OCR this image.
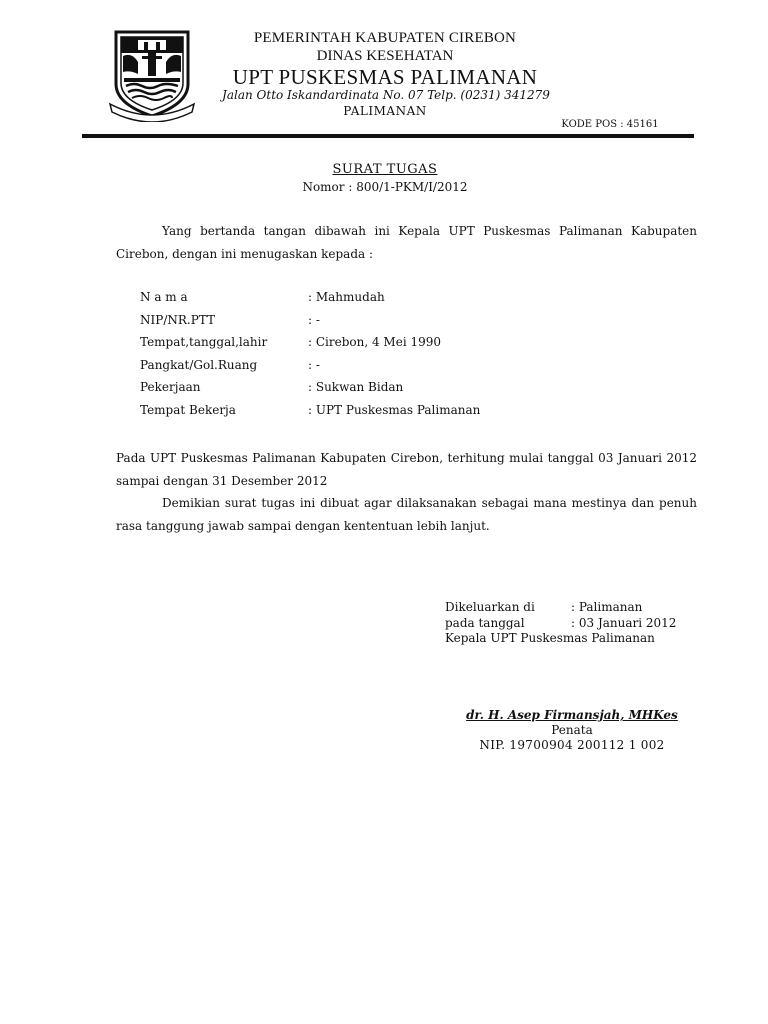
PEMERINTAH KABUPATEN CIREBON
DINAS KESEHATAN
UPT PUSKESMAS PALIMANAN
Jalan Otto Iskandardinata No. 07 Telp. (0231) 341279
PALIMANAN
KODE POS : 45161
SURAT TUGAS
Nomor : 800/1-PKM/I/2012
Yang bertanda tangan dibawah ini Kepala UPT Puskesmas Palimanan Kabupaten Cirebon, dengan ini menugaskan kepada :
N a m a	: Mahmudah
NIP/NR.PTT	: -
Tempat,tanggal,lahir	: Cirebon, 4 Mei 1990
Pangkat/Gol.Ruang	: -
Pekerjaan	: Sukwan Bidan
Tempat Bekerja	: UPT Puskesmas Palimanan
Pada UPT Puskesmas Palimanan Kabupaten Cirebon, terhitung mulai tanggal 03 Januari 2012 sampai dengan 31 Desember 2012
Demikian surat tugas ini dibuat agar dilaksanakan sebagai mana mestinya dan penuh rasa tanggung jawab sampai dengan kententuan lebih lanjut.
Dikeluarkan di	: Palimanan
pada tanggal	: 03 Januari 2012
Kepala UPT Puskesmas Palimanan
dr. H. Asep Firmansjah, MHKes
Penata
NIP. 19700904 200112 1 002
